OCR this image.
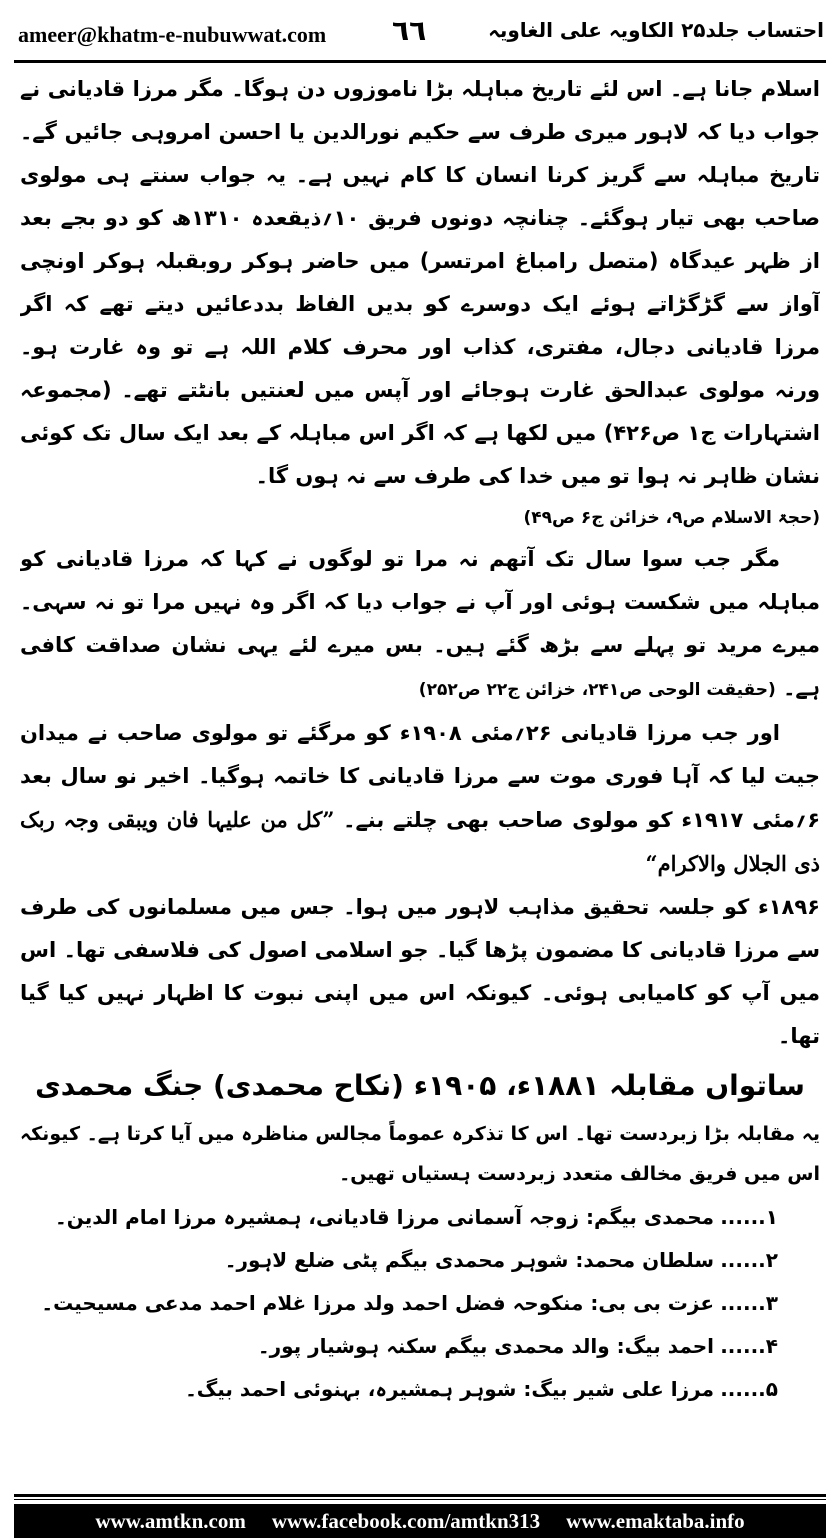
ameer@khatm-e-nubuwwat.com ٦٦	احتساب جلد۲۵ الکاویہ علی الغاویہ

اسلام جانا ہے۔ اس لئے تاریخ مباہلہ بڑا ناموزوں دن ہوگا۔ مگر مرزا قادیانی نے جواب دیا کہ لاہور میری طرف سے حکیم نورالدین یا احسن امروہی جائیں گے۔ تاریخ مباہلہ سے گریز کرنا انسان کا کام نہیں ہے۔ یہ جواب سنتے ہی مولوی صاحب بھی تیار ہوگئے۔ چنانچہ دونوں فریق ۱۰؍ذیقعدہ ۱۳۱۰ھ کو دو بجے بعد از ظہر عیدگاہ (متصل رامباغ امرتسر) میں حاضر ہوکر روبقبلہ ہوکر اونچی آواز سے گڑگڑاتے ہوئے ایک دوسرے کو بدیں الفاظ بددعائیں دیتے تھے کہ اگر مرزا قادیانی دجال، مفتری، کذاب اور محرف کلام اللہ ہے تو وہ غارت ہو۔ ورنہ مولوی عبدالحق غارت ہوجائے اور آپس میں لعنتیں بانٹتے تھے۔ (مجموعہ اشتہارات ج۱ ص۴۲۶) میں لکھا ہے کہ اگر اس مباہلہ کے بعد ایک سال تک کوئی نشان ظاہر نہ ہوا تو میں خدا کی طرف سے نہ ہوں گا۔

(حجۃ الاسلام ص۹، خزائن ج۶ ص۴۹)

مگر جب سوا سال تک آتھم نہ مرا تو لوگوں نے کہا کہ مرزا قادیانی کو مباہلہ میں شکست ہوئی اور آپ نے جواب دیا کہ اگر وہ نہیں مرا تو نہ سہی۔ میرے مرید تو پہلے سے بڑھ گئے ہیں۔ بس میرے لئے یہی نشان صداقت کافی ہے۔ (حقیقت الوحی ص۲۴۱، خزائن ج۲۲ ص۲۵۲)

اور جب مرزا قادیانی ۲۶؍مئی ۱۹۰۸ء کو مرگئے تو مولوی صاحب نے میدان جیت لیا کہ آہا فوری موت سے مرزا قادیانی کا خاتمہ ہوگیا۔ اخیر نو سال بعد ۶؍مئی ۱۹۱۷ء کو مولوی صاحب بھی چلتے بنے۔ ”کل من علیہا فان ویبقی وجہ ربک ذی الجلال والاکرام“

۱۸۹۶ء کو جلسہ تحقیق مذاہب لاہور میں ہوا۔ جس میں مسلمانوں کی طرف سے مرزا قادیانی کا مضمون پڑھا گیا۔ جو اسلامی اصول کی فلاسفی تھا۔ اس میں آپ کو کامیابی ہوئی۔ کیونکہ اس میں اپنی نبوت کا اظہار نہیں کیا گیا تھا۔

ساتواں مقابلہ ۱۸۸۱ء، ۱۹۰۵ء (نکاح محمدی) جنگ محمدی

یہ مقابلہ بڑا زبردست تھا۔ اس کا تذکرہ عموماً مجالس مناظرہ میں آیا کرتا ہے۔ کیونکہ اس میں فریق مخالف متعدد زبردست ہستیاں تھیں۔

۱......
محمدی بیگم: زوجہ آسمانی مرزا قادیانی، ہمشیرہ مرزا امام الدین۔
۲......
سلطان محمد: شوہر محمدی بیگم پٹی ضلع لاہور۔
۳......
عزت بی بی: منکوحہ فضل احمد ولد مرزا غلام احمد مدعی مسیحیت۔
۴......
احمد بیگ: والد محمدی بیگم سکنہ ہوشیار پور۔
۵......
مرزا علی شیر بیگ: شوہر ہمشیرہ، بہنوئی احمد بیگ۔
www.amtkn.com www.facebook.com/amtkn313 www.emaktaba.info
